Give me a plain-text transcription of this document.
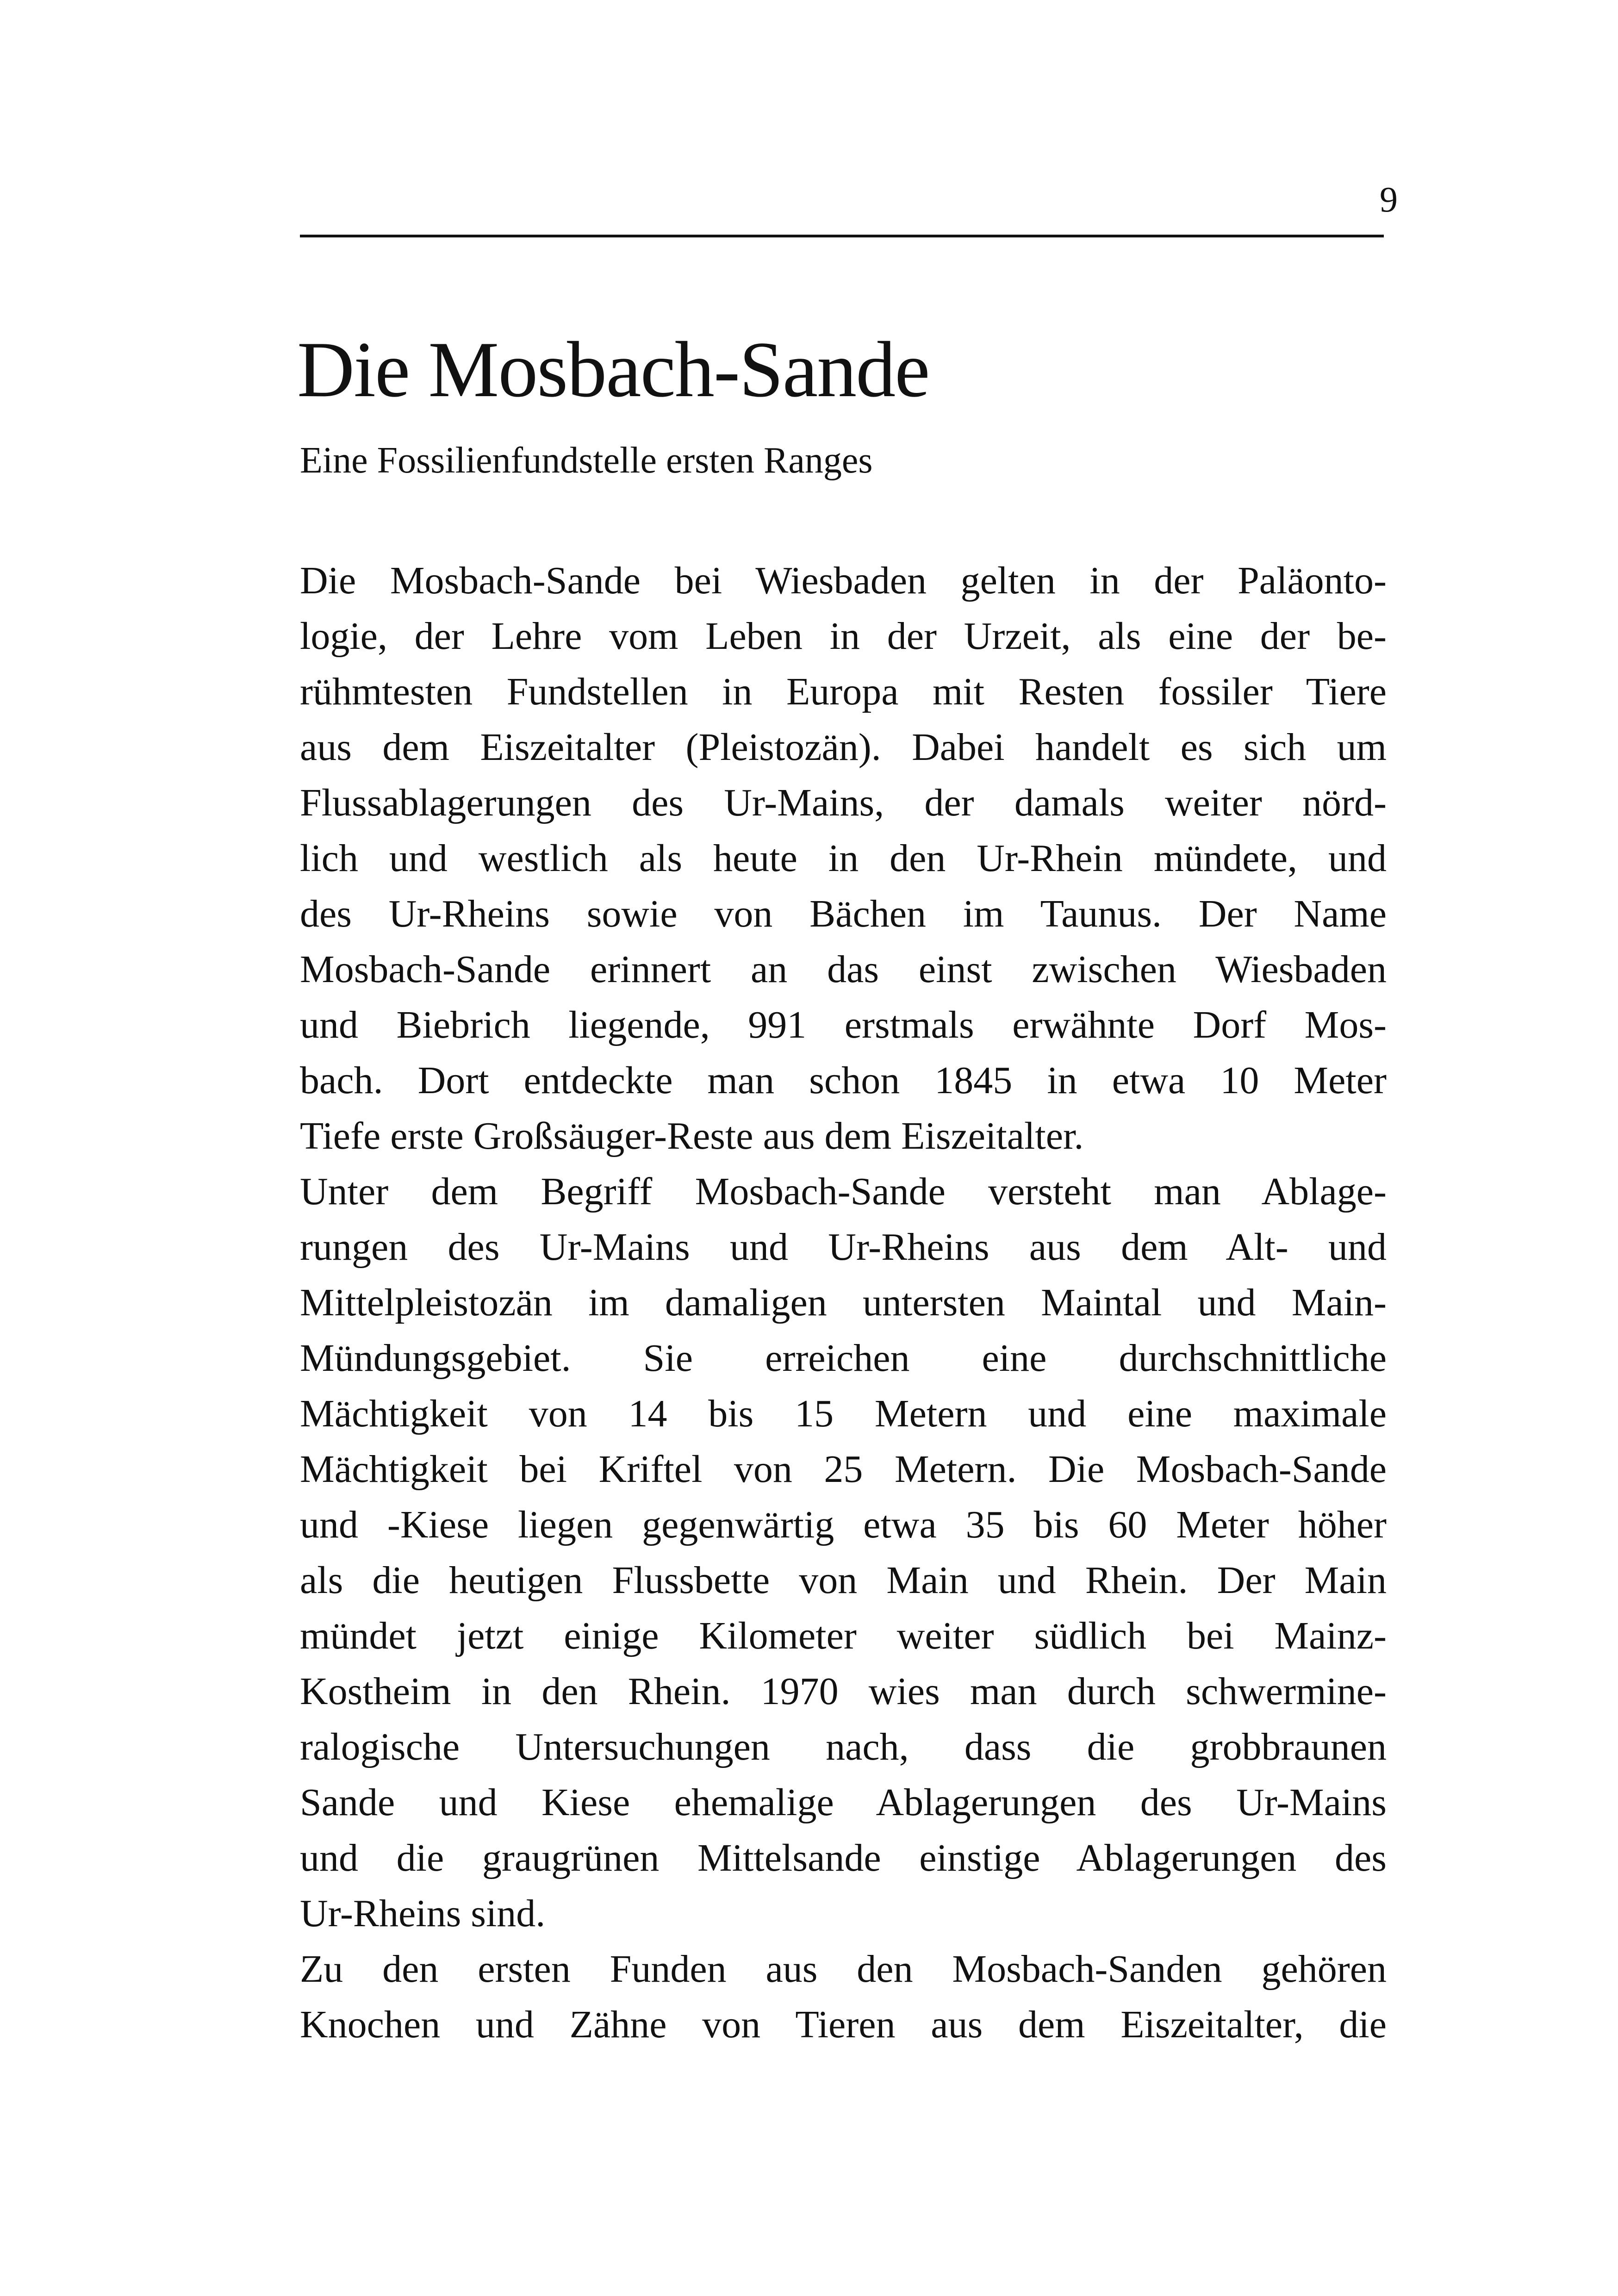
9
Die Mosbach-Sande

Eine Fossilienfundstelle ersten Ranges

Die Mosbach-Sande bei Wiesbaden gelten in der Paläonto-
logie, der Lehre vom Leben in der Urzeit, als eine der be-
rühmtesten Fundstellen in Europa mit Resten fossiler Tiere
aus dem Eiszeitalter (Pleistozän). Dabei handelt es sich um
Flussablagerungen des Ur-Mains, der damals weiter nörd-
lich und westlich als heute in den Ur-Rhein mündete, und
des Ur-Rheins sowie von Bächen im Taunus. Der Name
Mosbach-Sande erinnert an das einst zwischen Wiesbaden
und Biebrich liegende, 991 erstmals erwähnte Dorf Mos-
bach. Dort entdeckte man schon 1845 in etwa 10 Meter
Tiefe erste Großsäuger-Reste aus dem Eiszeitalter.
Unter dem Begriff Mosbach-Sande versteht man Ablage-
rungen des Ur-Mains und Ur-Rheins aus dem Alt- und
Mittelpleistozän im damaligen untersten Maintal und Main-
Mündungsgebiet. Sie erreichen eine durchschnittliche
Mächtigkeit von 14 bis 15 Metern und eine maximale
Mächtigkeit bei Kriftel von 25 Metern. Die Mosbach-Sande
und -Kiese liegen gegenwärtig etwa 35 bis 60 Meter höher
als die heutigen Flussbette von Main und Rhein. Der Main
mündet jetzt einige Kilometer weiter südlich bei Mainz-
Kostheim in den Rhein. 1970 wies man durch schwermine-
ralogische Untersuchungen nach, dass die grobbraunen
Sande und Kiese ehemalige Ablagerungen des Ur-Mains
und die graugrünen Mittelsande einstige Ablagerungen des
Ur-Rheins sind.
Zu den ersten Funden aus den Mosbach-Sanden gehören
Knochen und Zähne von Tieren aus dem Eiszeitalter, die
